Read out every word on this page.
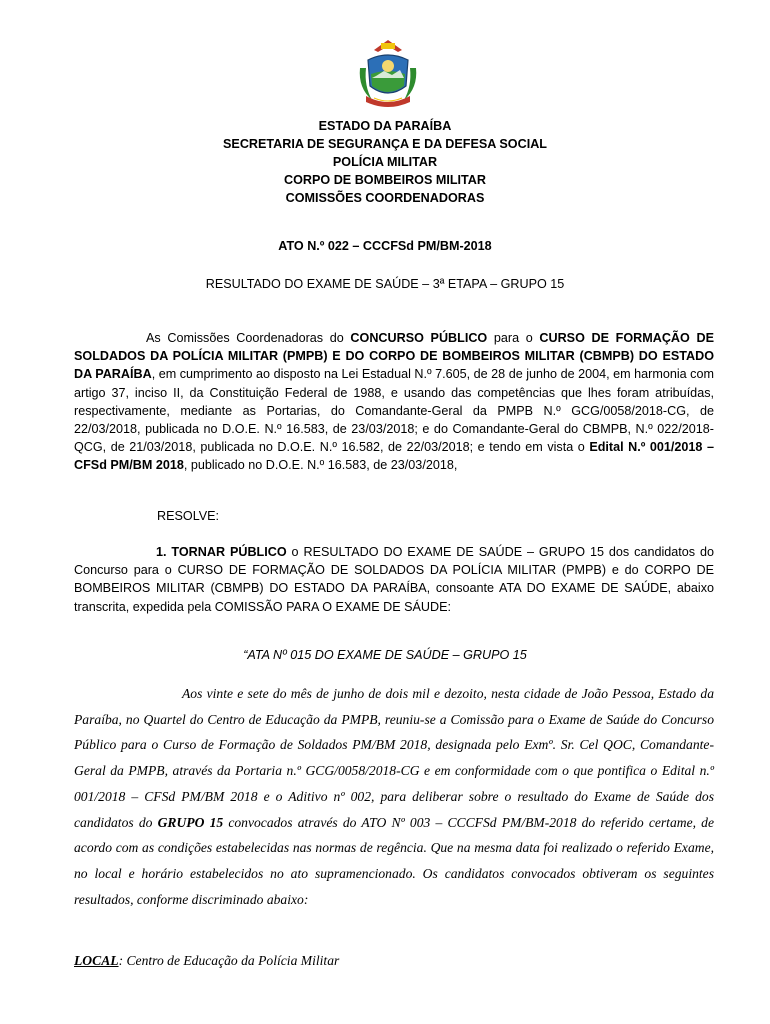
ESTADO DA PARAÍBA
SECRETARIA DE SEGURANÇA E DA DEFESA SOCIAL
POLÍCIA MILITAR
CORPO DE BOMBEIROS MILITAR
COMISSÕES COORDENADORAS
ATO N.º 022 – CCCFSd PM/BM-2018
RESULTADO DO EXAME DE SAÚDE – 3ª ETAPA – GRUPO 15
As Comissões Coordenadoras do CONCURSO PÚBLICO para o CURSO DE FORMAÇÃO DE SOLDADOS DA POLÍCIA MILITAR (PMPB) E DO CORPO DE BOMBEIROS MILITAR (CBMPB) DO ESTADO DA PARAÍBA, em cumprimento ao disposto na Lei Estadual N.º 7.605, de 28 de junho de 2004, em harmonia com artigo 37, inciso II, da Constituição Federal de 1988, e usando das competências que lhes foram atribuídas, respectivamente, mediante as Portarias, do Comandante-Geral da PMPB N.º GCG/0058/2018-CG, de 22/03/2018, publicada no D.O.E. N.º 16.583, de 23/03/2018; e do Comandante-Geral do CBMPB, N.º 022/2018-QCG, de 21/03/2018, publicada no D.O.E. N.º 16.582, de 22/03/2018; e tendo em vista o Edital N.º 001/2018 – CFSd PM/BM 2018, publicado no D.O.E. N.º 16.583, de 23/03/2018,
RESOLVE:
1. TORNAR PÚBLICO o RESULTADO DO EXAME DE SAÚDE – GRUPO 15 dos candidatos do Concurso para o CURSO DE FORMAÇÃO DE SOLDADOS DA POLÍCIA MILITAR (PMPB) e do CORPO DE BOMBEIROS MILITAR (CBMPB) DO ESTADO DA PARAÍBA, consoante ATA DO EXAME DE SAÚDE, abaixo transcrita, expedida pela COMISSÃO PARA O EXAME DE SÁUDE:
“ATA Nº 015 DO EXAME DE SAÚDE – GRUPO 15
Aos vinte e sete do mês de junho de dois mil e dezoito, nesta cidade de João Pessoa, Estado da Paraíba, no Quartel do Centro de Educação da PMPB, reuniu-se a Comissão para o Exame de Saúde do Concurso Público para o Curso de Formação de Soldados PM/BM 2018, designada pelo Exmº. Sr. Cel QOC, Comandante-Geral da PMPB, através da Portaria n.º GCG/0058/2018-CG e em conformidade com o que pontifica o Edital n.º 001/2018 – CFSd PM/BM 2018 e o Aditivo nº 002, para deliberar sobre o resultado do Exame de Saúde dos candidatos do GRUPO 15 convocados através do ATO Nº 003 – CCCFSd PM/BM-2018 do referido certame, de acordo com as condições estabelecidas nas normas de regência. Que na mesma data foi realizado o referido Exame, no local e horário estabelecidos no ato supramencionado. Os candidatos convocados obtiveram os seguintes resultados, conforme discriminado abaixo:
LOCAL: Centro de Educação da Polícia Militar
